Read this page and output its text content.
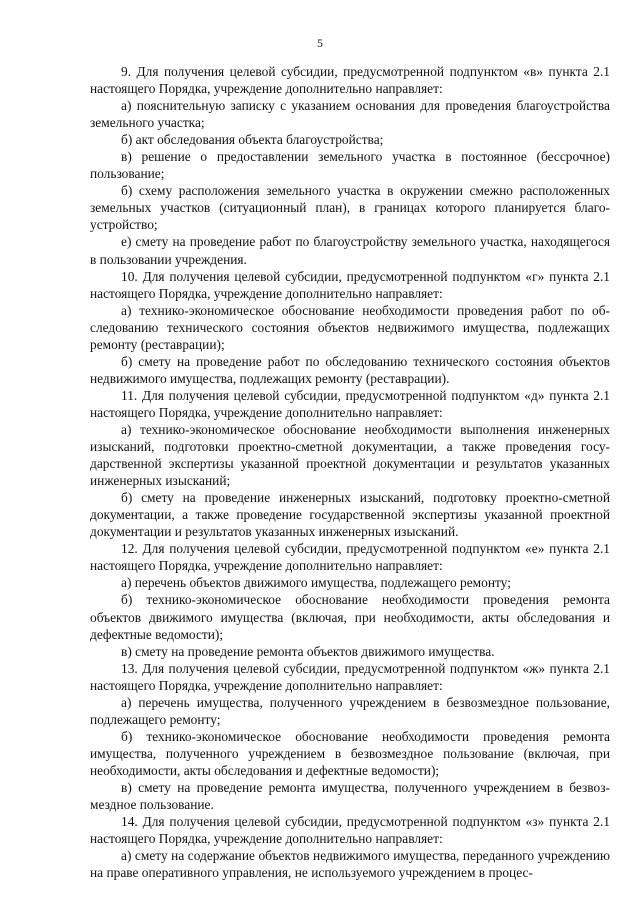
5

9. Для получения целевой субсидии, предусмотренной подпунктом «в» пункта 2.1 настоящего Порядка, учреждение дополнительно направляет:

а) пояснительную записку с указанием основания для проведения благоустройства земельного участка;

б) акт обследования объекта благоустройства;

в) решение о предоставлении земельного участка в постоянное (бессрочное) пользование;

б) схему расположения земельного участка в окружении смежно расположенных земельных участков (ситуационный план), в границах которого планируется благоустройство;

е) смету на проведение работ по благоустройству земельного участка, находящегося в пользовании учреждения.

10. Для получения целевой субсидии, предусмотренной подпунктом «г» пункта 2.1 настоящего Порядка, учреждение дополнительно направляет:

а) технико-экономическое обоснование необходимости проведения работ по обследованию технического состояния объектов недвижимого имущества, подлежащих ремонту (реставрации);

б) смету на проведение работ по обследованию технического состояния объектов недвижимого имущества, подлежащих ремонту (реставрации).

11. Для получения целевой субсидии, предусмотренной подпунктом «д» пункта 2.1 настоящего Порядка, учреждение дополнительно направляет:

а) технико-экономическое обоснование необходимости выполнения инженерных изысканий, подготовки проектно-сметной документации, а также проведения государственной экспертизы указанной проектной документации и результатов указанных инженерных изысканий;

б) смету на проведение инженерных изысканий, подготовку проектно-сметной документации, а также проведение государственной экспертизы указанной проектной документации и результатов указанных инженерных изысканий.

12. Для получения целевой субсидии, предусмотренной подпунктом «е» пункта 2.1 настоящего Порядка, учреждение дополнительно направляет:

а) перечень объектов движимого имущества, подлежащего ремонту;

б) технико-экономическое обоснование необходимости проведения ремонта объектов движимого имущества (включая, при необходимости, акты обследования и дефектные ведомости);

в) смету на проведение ремонта объектов движимого имущества.

13. Для получения целевой субсидии, предусмотренной подпунктом «ж» пункта 2.1 настоящего Порядка, учреждение дополнительно направляет:

а) перечень имущества, полученного учреждением в безвозмездное пользование, подлежащего ремонту;

б) технико-экономическое обоснование необходимости проведения ремонта имущества, полученного учреждением в безвозмездное пользование (включая, при необходимости, акты обследования и дефектные ведомости);

в) смету на проведение ремонта имущества, полученного учреждением в безвозмездное пользование.

14. Для получения целевой субсидии, предусмотренной подпунктом «з» пункта 2.1 настоящего Порядка, учреждение дополнительно направляет:

а) смету на содержание объектов недвижимого имущества, переданного учреждению на праве оперативного управления, не используемого учреждением в процес-
